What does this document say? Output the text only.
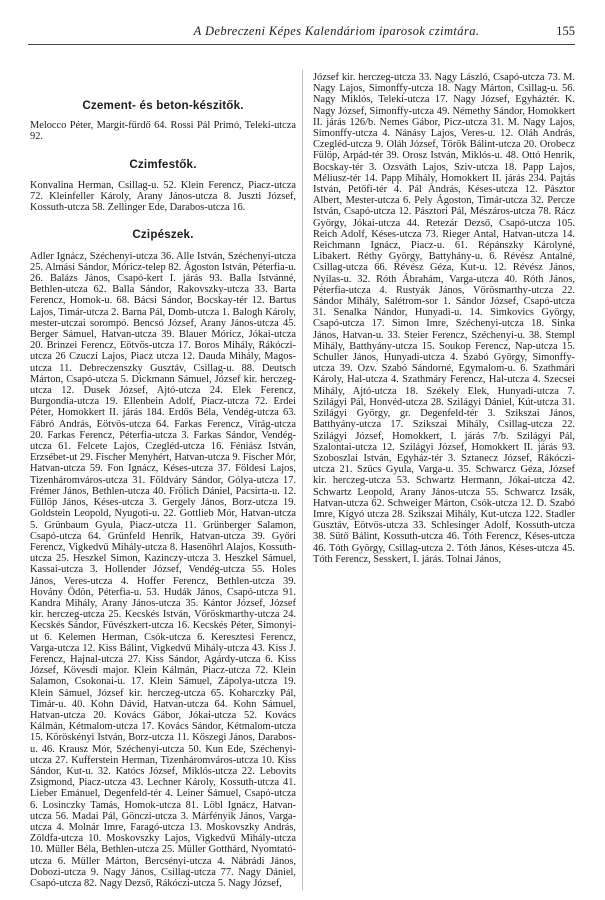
A Debreczeni Képes Kalendáriom iparosok czimtára.	155
Czement- és beton-készitők.

Melocco Péter, Margit-fürdő 64. Rossi Pál Primó, Teleki-utcza 92.

Czimfestők.

Konvalina Herman, Csillag-u. 52. Klein Ferencz, Piacz-utcza 72. Kleinfeller Károly, Arany János-utcza 8. Juszti József, Kossuth-utcza 58. Zellinger Ede, Darabos-utcza 16.

Czipészek.

Adler Ignácz, Széchenyi-utcza 36. Alle István, Széchenyi-utcza 25. Almási Sándor, Móricz-telep 82. Ágoston István, Péterfia-u. 26. Balázs János, Csapó-kert I. járás 93. Balla Istvánné, Bethlen-utcza 62. Balla Sándor, Rakovszky-utcza 33. Barta Ferencz, Homok-u. 68. Bácsi Sándor, Bocskay-tér 12. Bartus Lajos, Timár-utcza 2. Barna Pál, Domb-utcza 1. Balogh Károly, mester-utczai sorompó. Bencsó József, Arany János-utcza 45. Berger Sámuel, Hatvan-utcza 39. Blauer Móricz, Jókai-utcza 20. Brinzei Ferencz, Eötvös-utcza 17. Boros Mihály, Rákóczi-utcza 26 Czuczi Lajos, Piacz utcza 12. Dauda Mihály, Magos-utcza 11. Debreczenszky Gusztáv, Csillag-u. 88. Deutsch Márton, Csapó-utcza 5. Dickmann Sámuel, József kir. herczeg-utcza 12. Dusek József, Ajtó-utcza 24. Elek Ferencz, Burgondia-utcza 19. Ellenbein Adolf, Piacz-utcza 72. Erdei Péter, Homokkert II. járás 184. Erdős Béla, Vendég-utcza 63. Fábró András, Eötvös-utcza 64. Farkas Ferencz, Virág-utcza 20. Farkas Ferencz, Péterfia-utcza 3. Farkas Sándor, Vendég-utcza 61. Felcete Lajos, Czegléd-utcza 16. Féniász István, Erzsébet-ut 29. Fischer Menyhért, Hatvan-utcza 9. Fischer Mór, Hatvan-utcza 59. Fon Ignácz, Késes-utcza 37. Földesi Lajos, Tizenháromváros-utcza 31. Földváry Sándor, Gólya-utcza 17. Frémer János, Bethlen-utcza 40. Frölich Dániel, Pacsirta-u. 12. Füllöp János, Késes-utcza 3. Gergely János, Borz-utcza 19. Goldstein Leopold, Nyugoti-u. 22. Gottlieb Mór, Hatvan-utcza 5. Grünbaum Gyula, Piacz-utcza 11. Grünberger Salamon, Csapó-utcza 64. Grünfeld Henrik, Hatvan-utcza 39. Győri Ferencz, Vigkedvű Mihály-utcza 8. Hasenöhrl Alajos, Kossuth-utcza 25. Heszkel Simon, Kazinczy-utcza 3. Heszkel Sámuel, Kassai-utcza 3. Hollender József, Vendég-utcza 55. Holes János, Veres-utcza 4. Hoffer Ferencz, Bethlen-utcza 39. Hovány Ödön, Péterfia-u. 53. Hudák János, Csapó-utcza 91. Kandra Mihály, Arany János-utcza 35. Kántor József, József kir. herczeg-utcza 25. Kecskés István, Vöröskmarthy-utcza 24. Kecskés Sándor, Füvészkert-utcza 16. Kecskés Péter, Simonyi-ut 6. Kelemen Herman, Csók-utcza 6. Keresztesi Ferencz, Varga-utcza 12. Kiss Bálint, Vigkedvű Mihály-utcza 43. Kiss J. Ferencz, Hajnal-utcza 27. Kiss Sándor, Agárdy-utcza 6. Kiss József, Kövesdi major. Klein Kálmán, Piacz-utcza 72. Klein Salamon, Csokonai-u. 17. Klein Sámuel, Zápolya-utcza 19. Klein Sámuel, József kir. herczeg-utcza 65. Koharczky Pál, Timár-u. 40. Kohn Dávid, Hatvan-utcza 64. Kohn Sámuel, Hatvan-utcza 20. Kovács Gábor, Jókai-utcza 52. Kovács Kálmán, Kétmalom-utcza 17. Kovács Sándor, Kétmalom-utcza 15. Köröskényi István, Borz-utcza 11. Kőszegi János, Darabos-u. 46. Krausz Mór, Széchenyi-utcza 50. Kun Ede, Széchenyi-utcza 27. Kufferstein Herman, Tizenháromváros-utcza 10. Kiss Sándor, Kut-u. 32. Katócs József, Miklós-utcza 22. Lebovits Zsigmond, Piacz-utcza 43. Lechner Károly, Kossuth-utcza 41. Lieber Emánuel, Degenfeld-tér 4. Leiner Sámuel, Csapó-utcza 6. Losinczky Tamás, Homok-utcza 81. Löbl Ignácz, Hatvan-utcza 56. Madai Pál, Gönczi-utcza 3. Márfényik János, Varga-utcza 4. Molnár Imre, Faragó-utcza 13. Moskovszky András, Zöldfa-utcza 10. Moskovszky Lajos, Vigkedvű Mihály-utcza 10. Müller Béla, Bethlen-utcza 25. Müller Gotthárd, Nyomtató-utcza 6. Müller Márton, Bercsényi-utcza 4. Nábrádi János, Dobozi-utcza 9. Nagy János, Csillag-utcza 77. Nagy Dániel, Csapó-utcza 82. Nagy Dezső, Rákóczi-utcza 5. Nagy József,

József kir. herczeg-utcza 33. Nagy László, Csapó-utcza 73. M. Nagy Lajos, Simonffy-utcza 18. Nagy Márton, Csillag-u. 56. Nagy Miklós, Teleki-utcza 17. Nagy József, Egyháztér. K. Nagy József, Simonffy-utcza 49. Némethy Sándor, Homokkert II. járás 126/b. Nemes Gábor, Picz-utcza 31. M. Nagy Lajos, Simonffy-utcza 4. Nánásy Lajos, Veres-u. 12. Oláh András, Czegléd-utcza 9. Oláh József, Török Bálint-utcza 20. Orobecz Fülöp, Arpád-tér 39. Orosz István, Miklós-u. 48. Ottó Henrik, Bocskay-tér 3. Ozsváth Lajos, Sziv-utcza 18. Papp Lajos, Méliusz-tér 14. Papp Mihály, Homokkert II. járás 234. Pajtás István, Petőfi-tér 4. Pál András, Késes-utcza 12. Pásztor Albert, Mester-utcza 6. Pely Ágoston, Timár-utcza 32. Percze István, Csapó-utcza 12. Pásztori Pál, Mészáros-utcza 78. Rácz György, Jókai-utcza 44. Retezár Dezső, Csapó-utcza 105. Reich Adolf, Késes-utcza 73. Rieger Antal, Hatvan-utcza 14. Reichmann Ignácz, Piacz-u. 61. Répánszky Károlyné, Libakert. Réthy György, Battyhány-u. 6. Révész Antalné, Csillag-utcza 66. Révész Géza, Kut-u. 12. Révész János, Nyilas-u. 32. Róth Ábrahám, Varga-utcza 40. Róth János, Péterfia-utcza 4. Rustyák János, Vörösmarthy-utcza 22. Sándor Mihály, Salétrom-sor 1. Sándor József, Csapó-utcza 31. Senalka Nándor, Hunyadi-u. 14. Simkovics György, Csapó-utcza 17. Simon Imre, Széchenyi-utcza 18. Sinka János, Hatvan-u. 33. Steier Ferencz, Széchenyi-u. 38. Stempl Mihály, Batthyány-utcza 15. Soukop Ferencz, Nap-utcza 15. Schuller János, Hunyadi-utcza 4. Szabó György, Simonffy-utcza 39. Ozv. Szabó Sándorné, Egymalom-u. 6. Szathmári Károly, Hal-utcza 4. Szathmáry Ferencz, Hal-utcza 4. Szecsei Mihály, Ajtó-utcza 18. Székely Elek, Hunyadi-utcza 7. Szilágyi Pál, Honvéd-utcza 28. Szilágyi Dániel, Kút-utcza 31. Szilágyi György, gr. Degenfeld-tér 3. Szikszai János, Batthyány-utcza 17. Szikszai Mihály, Csillag-utcza 22. Szilágyi József, Homokkert, I. járás 7/b. Szilágyi Pál, Szalontai-utcza 12. Szilágyi József, Homokkert II. járás 93. Szoboszlai István, Egyház-tér 3. Sztanecz József, Rákóczi-utcza 21. Szücs Gyula, Varga-u. 35. Schwarcz Géza, József kir. herczeg-utcza 53. Schwartz Hermann, Jókai-utcza 42. Schwartz Leopold, Arany János-utcza 55. Schwarcz Izsák, Hatvan-utcza 62. Schweiger Márton, Csók-utcza 12. D. Szabó Imre, Kígyó utcza 28. Szikszai Mihály, Kut-utcza 122. Stadler Gusztáv, Eötvös-utcza 33. Schlesinger Adolf, Kossuth-utcza 38. Sütő Bálint, Kossuth-utcza 46. Tóth Ferencz, Késes-utcza 46. Tóth György, Csillag-utcza 2. Tóth János, Késes-utcza 45. Tóth Ferencz, Sesskert, I. járás. Tolnai János,
